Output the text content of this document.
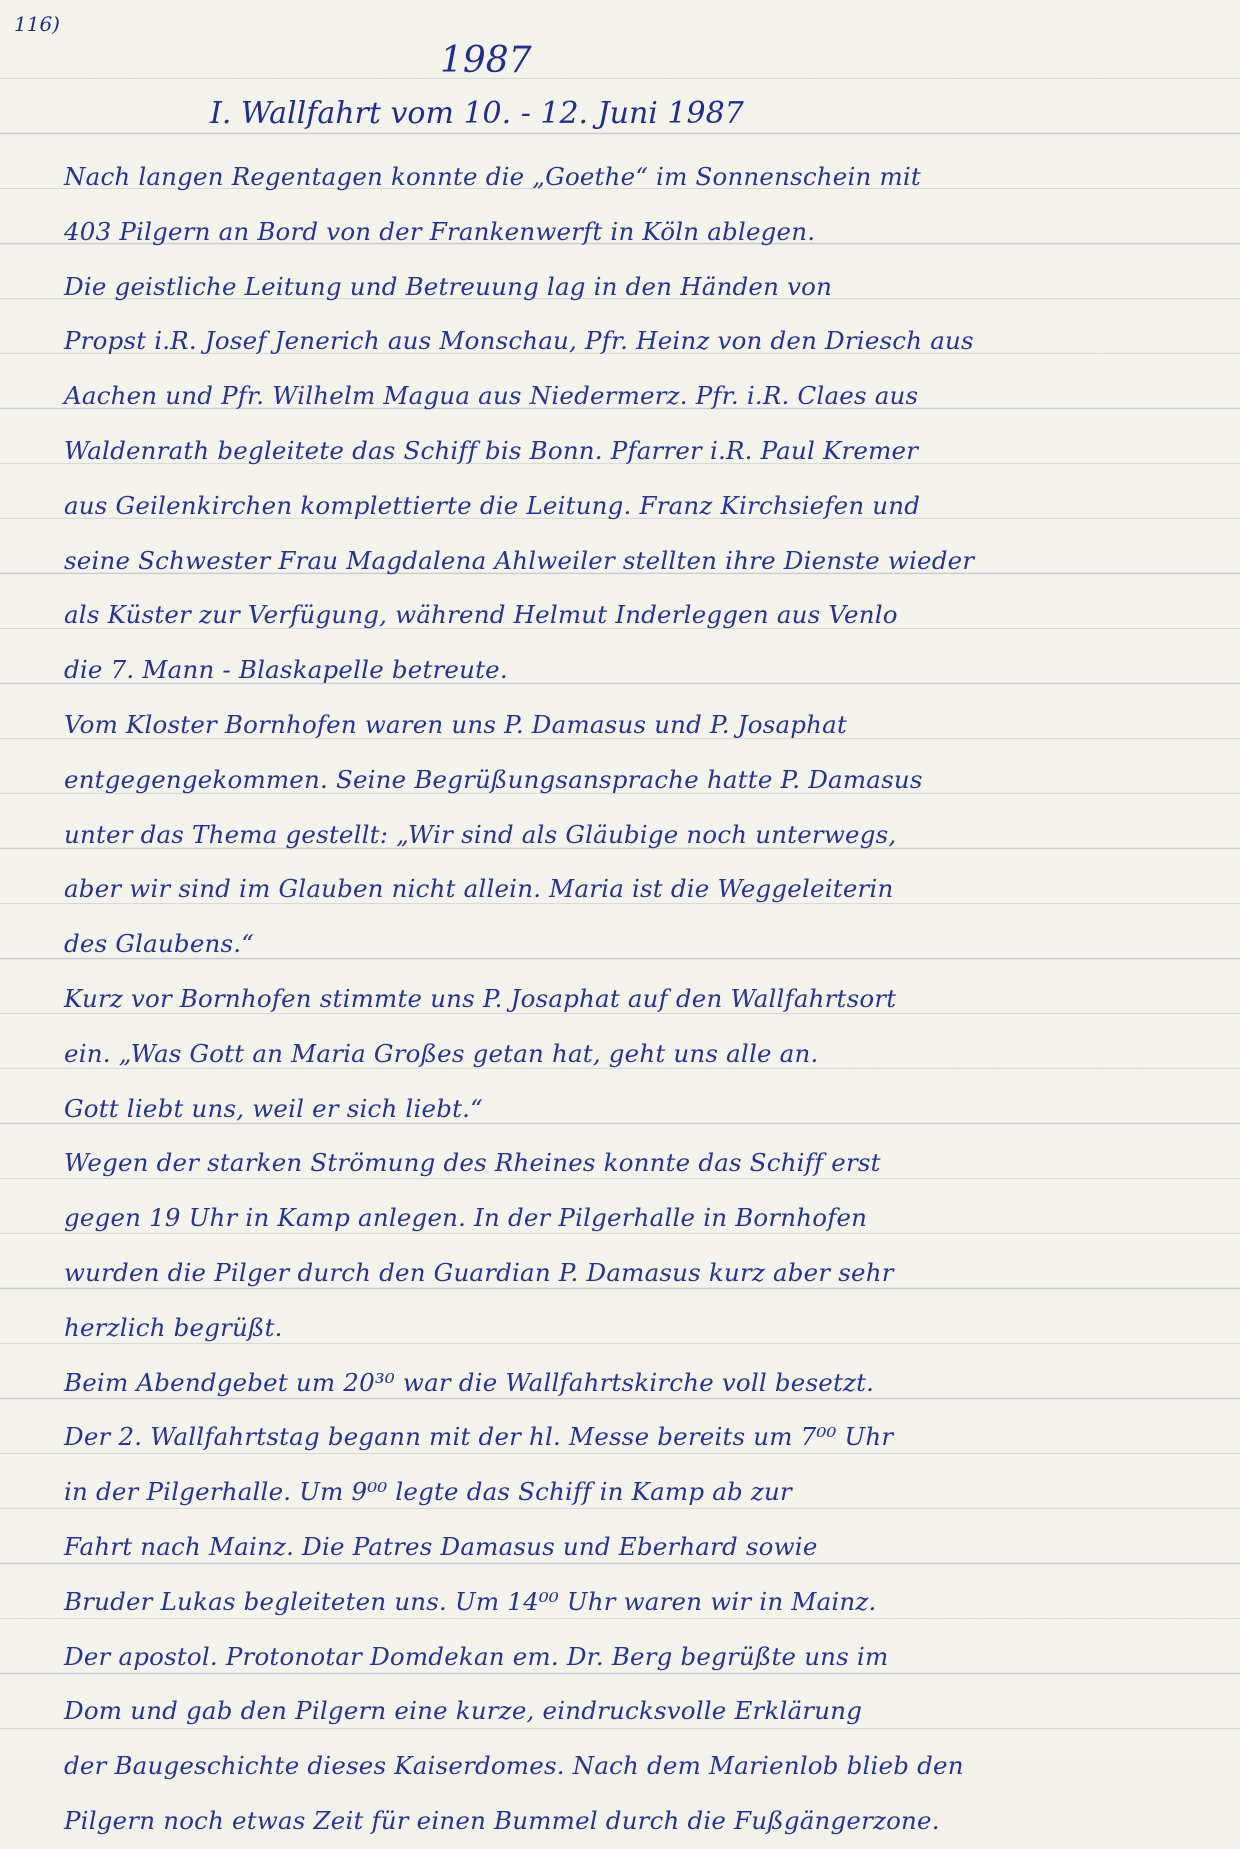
116)
1987
I. Wallfahrt vom 10. - 12. Juni 1987
Nach langen Regentagen konnte die „Goethe“ im Sonnenschein mit
403 Pilgern an Bord von der Frankenwerft in Köln ablegen.
Die geistliche Leitung und Betreuung lag in den Händen von
Propst i.R. Josef Jenerich aus Monschau, Pfr. Heinz von den Driesch aus
Aachen und Pfr. Wilhelm Magua aus Niedermerz. Pfr. i.R. Claes aus
Waldenrath begleitete das Schiff bis Bonn. Pfarrer i.R. Paul Kremer
aus Geilenkirchen komplettierte die Leitung. Franz Kirchsiefen und
seine Schwester Frau Magdalena Ahlweiler stellten ihre Dienste wieder
als Küster zur Verfügung, während Helmut Inderleggen aus Venlo
die 7. Mann - Blaskapelle betreute.
Vom Kloster Bornhofen waren uns P. Damasus und P. Josaphat
entgegengekommen. Seine Begrüßungsansprache hatte P. Damasus
unter das Thema gestellt: „Wir sind als Gläubige noch unterwegs,
aber wir sind im Glauben nicht allein. Maria ist die Weggeleiterin
des Glaubens.“
Kurz vor Bornhofen stimmte uns P. Josaphat auf den Wallfahrtsort
ein. „Was Gott an Maria Großes getan hat, geht uns alle an.
Gott liebt uns, weil er sich liebt.“
Wegen der starken Strömung des Rheines konnte das Schiff erst
gegen 19 Uhr in Kamp anlegen. In der Pilgerhalle in Bornhofen
wurden die Pilger durch den Guardian P. Damasus kurz aber sehr
herzlich begrüßt.
Beim Abendgebet um 20³⁰ war die Wallfahrtskirche voll besetzt.
Der 2. Wallfahrtstag begann mit der hl. Messe bereits um 7⁰⁰ Uhr
in der Pilgerhalle. Um 9⁰⁰ legte das Schiff in Kamp ab zur
Fahrt nach Mainz. Die Patres Damasus und Eberhard sowie
Bruder Lukas begleiteten uns. Um 14⁰⁰ Uhr waren wir in Mainz.
Der apostol. Protonotar Domdekan em. Dr. Berg begrüßte uns im
Dom und gab den Pilgern eine kurze, eindrucksvolle Erklärung
der Baugeschichte dieses Kaiserdomes. Nach dem Marienlob blieb den
Pilgern noch etwas Zeit für einen Bummel durch die Fußgängerzone.
